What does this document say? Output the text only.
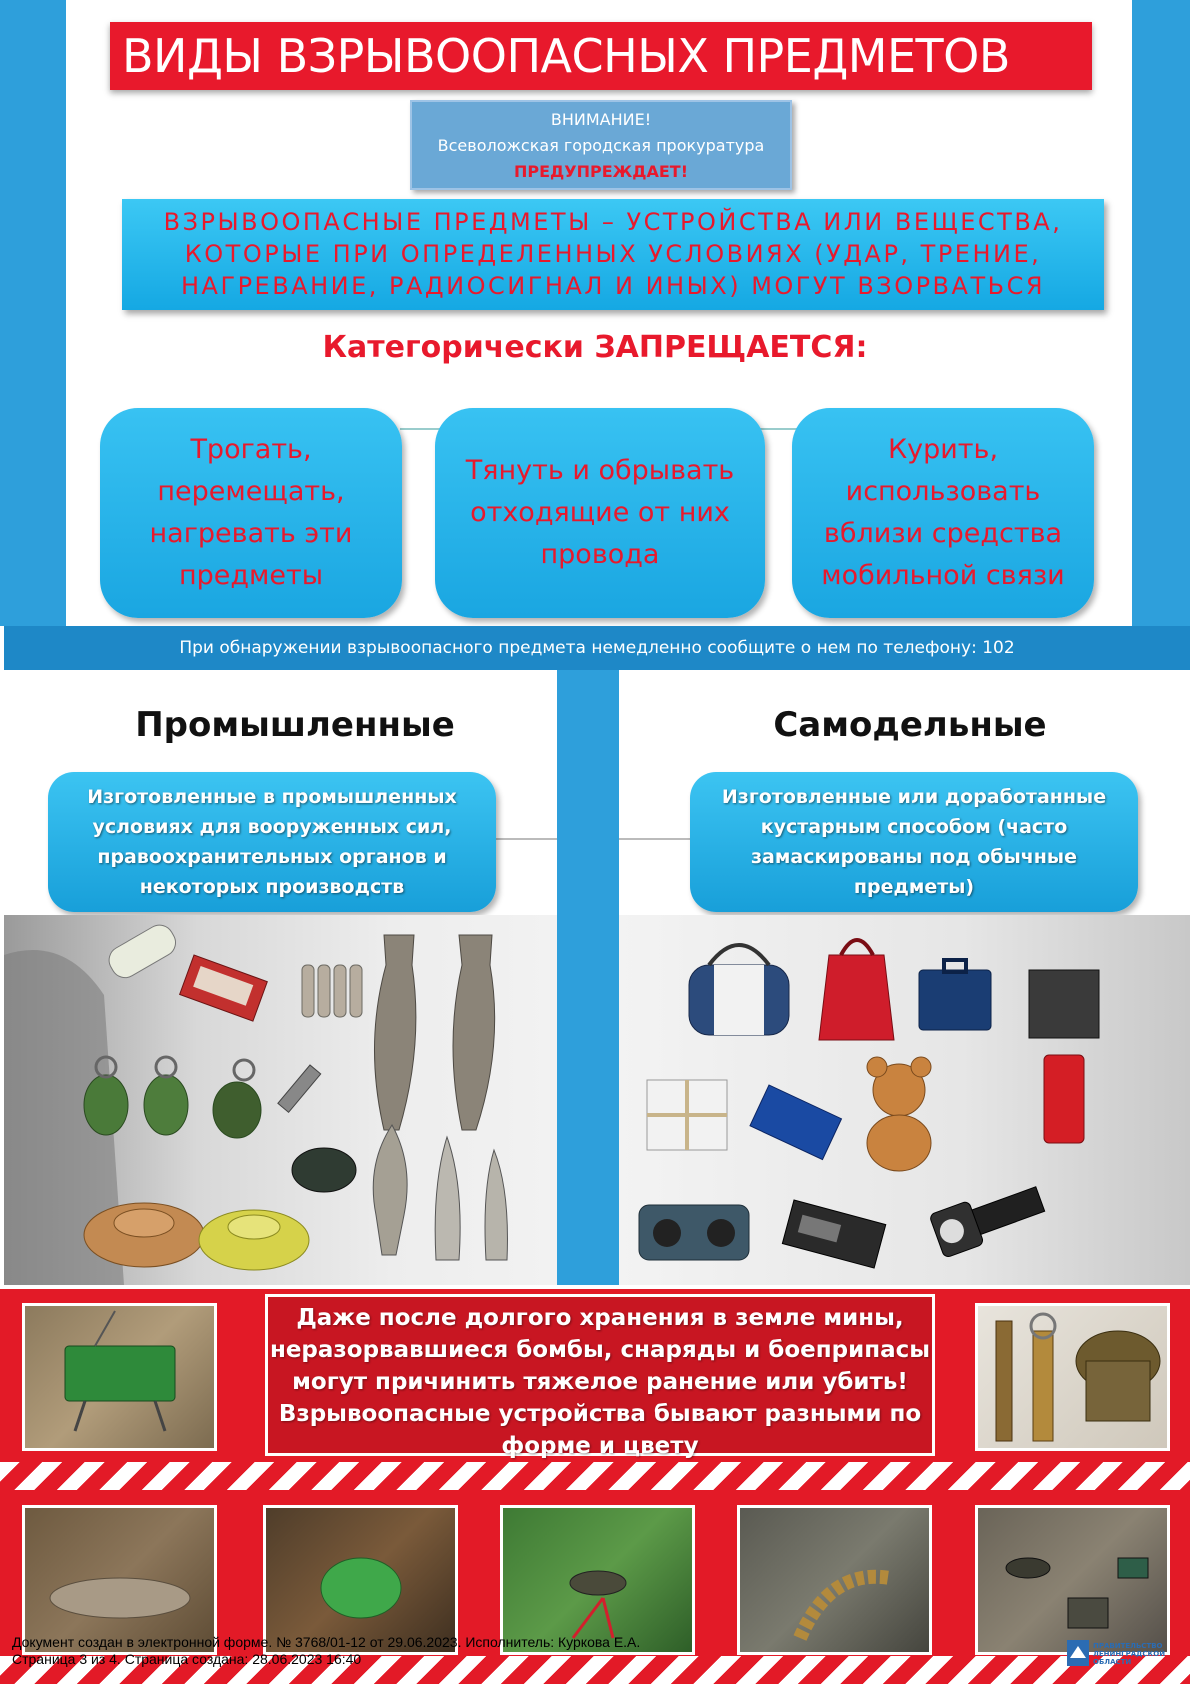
ВИДЫ ВЗРЫВООПАСНЫХ ПРЕДМЕТОВ
ВНИМАНИЕ!
Всеволожская городская прокуратура
ПРЕДУПРЕЖДАЕТ!
ВЗРЫВООПАСНЫЕ ПРЕДМЕТЫ – УСТРОЙСТВА ИЛИ ВЕЩЕСТВА,
КОТОРЫЕ ПРИ ОПРЕДЕЛЕННЫХ УСЛОВИЯХ (УДАР, ТРЕНИЕ,
НАГРЕВАНИЕ, РАДИОСИГНАЛ И ИНЫХ) МОГУТ ВЗОРВАТЬСЯ
Категорически ЗАПРЕЩАЕТСЯ:
Трогать, перемещать, нагревать эти предметы
Тянуть и обрывать отходящие от них провода
Курить, использовать вблизи средства мобильной связи
При обнаружении взрывоопасного предмета немедленно сообщите о нем по телефону: 102
Промышленные	Самодельные
Изготовленные в промышленных условиях для вооруженных сил, правоохранительных органов и некоторых производств
Изготовленные или доработанные кустарным способом (часто замаскированы под обычные предметы)
Даже после долгого хранения в земле мины, неразорвавшиеся бомбы, снаряды и боеприпасы могут причинить тяжелое ранение или убить! Взрывоопасные устройства бывают разными по форме и цвету
Документ создан в электронной форме. № 3768/01-12 от 29.06.2023. Исполнитель: Куркова Е.А.
Страница 3 из 4. Страница создана: 28.06.2023 16:40
ПРАВИТЕЛЬСТВО ЛЕНИНГРАДСКОЙ ОБЛАСТИ
